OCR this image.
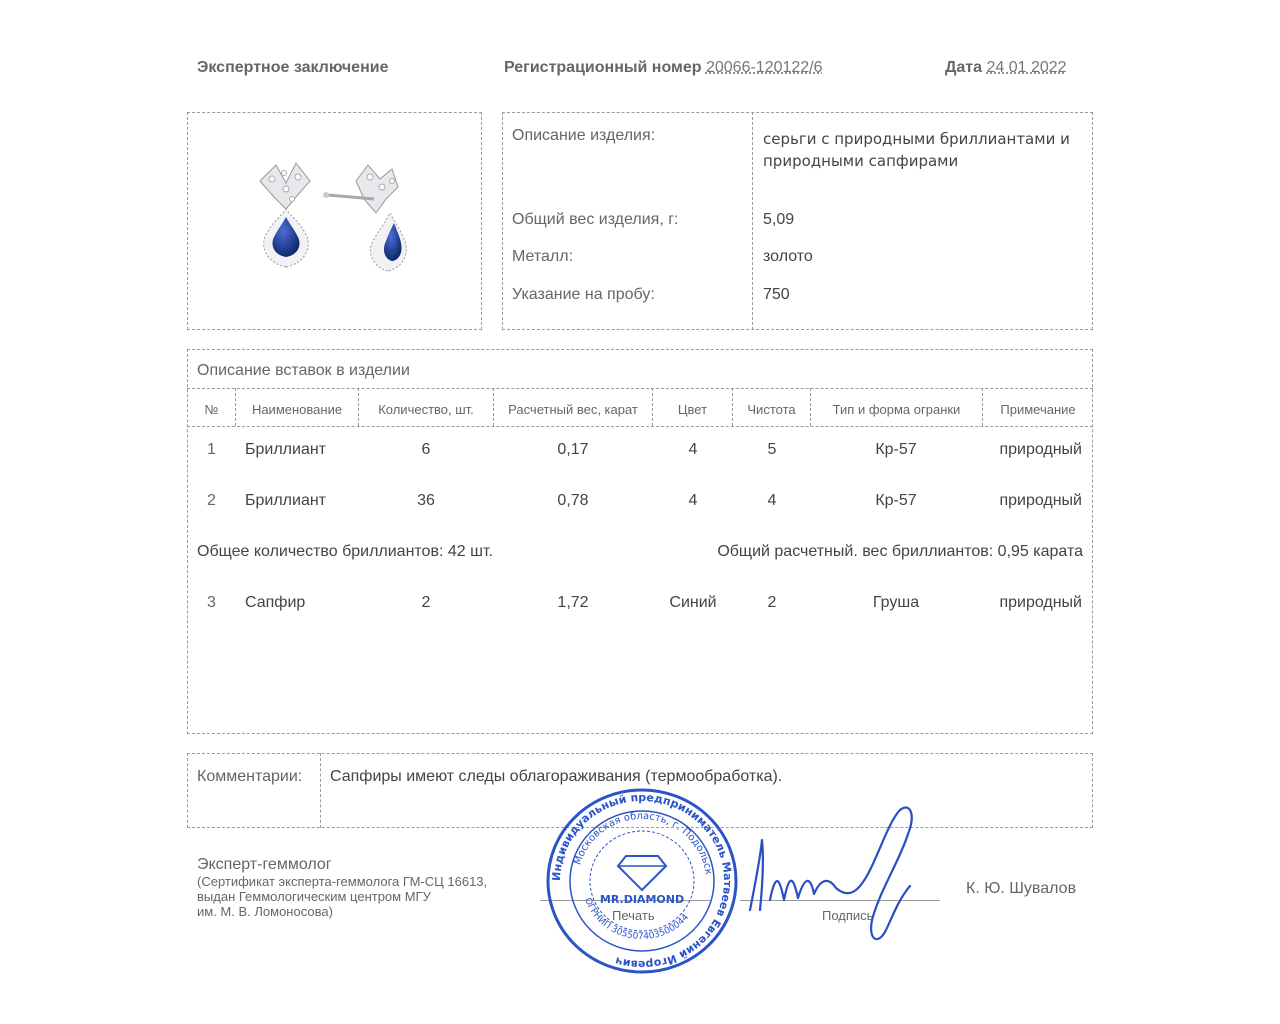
Экспертное заключение	Регистрационный номер 20066-120122/6	Дата 24 01 2022
Описание изделия:	серьги с природными бриллиантами и природными сапфирами
Общий вес изделия, г:	5,09
Металл:	золото
Указание на пробу:	750
Описание вставок в изделии
№	Наименование	Количество, шт.	Расчетный вес, карат	Цвет	Чистота	Тип и форма огранки	Примечание
1	Бриллиант	6	0,17	4	5	Кр-57	природный
2	Бриллиант	36	0,78	4	4	Кр-57	природный
Общее количество бриллиантов: 42 шт.	Общий расчетный. вес бриллиантов: 0,95 карата
3	Сапфир	2	1,72	Синий	2	Груша	природный
Комментарии: Сапфиры имеют следы облагораживания (термообработка).
Эксперт-геммолог
(Сертификат эксперта-геммолога ГМ-СЦ 16613,
выдан Геммологическим центром МГУ
им. М. В. Ломоносова)	Печать	Подпись
К. Ю. Шувалов
Индивидуальный предприниматель Матвеев Евгений Игоревич
Московская область, г. Подольск
ОГРНИП 305507403500044
MR.DIAMOND
